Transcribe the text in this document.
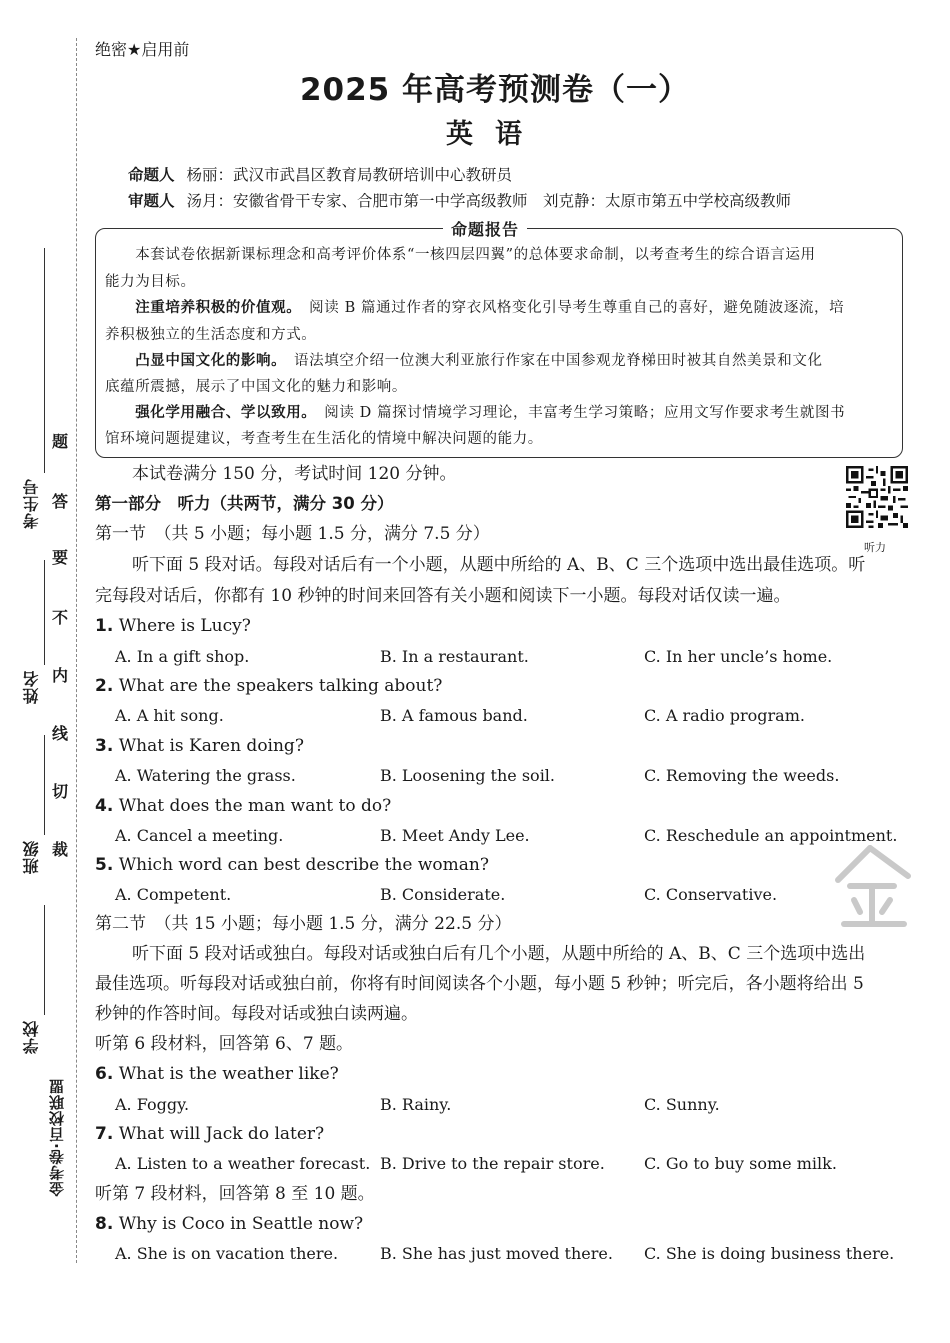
考生号
姓名
班级
学校
金考卷·百校联盟
题
答
要
不
内
线
切
裁
绝密★启用前
2025 年高考预测卷（一）
英语
命题人 杨丽：武汉市武昌区教育局教研培训中心教研员
审题人 汤月：安徽省骨干专家、合肥市第一中学高级教师　刘克静：太原市第五中学校高级教师
命题报告
　　本套试卷依据新课标理念和高考评价体系“一核四层四翼”的总体要求命制，以考查考生的综合语言运用
能力为目标。
　　注重培养积极的价值观。　阅读 B 篇通过作者的穿衣风格变化引导考生尊重自己的喜好，避免随波逐流，培
养积极独立的生活态度和方式。
　　凸显中国文化的影响。　语法填空介绍一位澳大利亚旅行作家在中国参观龙脊梯田时被其自然美景和文化
底蕴所震撼，展示了中国文化的魅力和影响。
　　强化学用融合、学以致用。　阅读 D 篇探讨情境学习理论，丰富考生学习策略；应用文写作要求考生就图书
馆环境问题提建议，考查考生在生活化的情境中解决问题的能力。
听力
本试卷满分 150 分，考试时间 120 分钟。
第一部分　听力（共两节，满分 30 分）
第一节　（共 5 小题；每小题 1.5 分，满分 7.5 分）
听下面 5 段对话。每段对话后有一个小题，从题中所给的 A、B、C 三个选项中选出最佳选项。听
完每段对话后，你都有 10 秒钟的时间来回答有关小题和阅读下一小题。每段对话仅读一遍。
1. Where is Lucy?
A. In a gift shop.	B. In a restaurant.	C. In her uncle’s home.
2. What are the speakers talking about?
A. A hit song.	B. A famous band.	C. A radio program.
3. What is Karen doing?
A. Watering the grass.	B. Loosening the soil.	C. Removing the weeds.
4. What does the man want to do?
A. Cancel a meeting.	B. Meet Andy Lee.	C. Reschedule an appointment.
5. Which word can best describe the woman?
A. Competent.	B. Considerate.	C. Conservative.
第二节　（共 15 小题；每小题 1.5 分，满分 22.5 分）
听下面 5 段对话或独白。每段对话或独白后有几个小题，从题中所给的 A、B、C 三个选项中选出
最佳选项。听每段对话或独白前，你将有时间阅读各个小题，每小题 5 秒钟；听完后，各小题将给出 5
秒钟的作答时间。每段对话或独白读两遍。
听第 6 段材料，回答第 6、7 题。
6. What is the weather like?
A. Foggy.	B. Rainy.	C. Sunny.
7. What will Jack do later?
A. Listen to a weather forecast. B. Drive to the repair store. C. Go to buy some milk.
听第 7 段材料，回答第 8 至 10 题。
8. Why is Coco in Seattle now?
A. She is on vacation there.	B. She has just moved there. C. She is doing business there.
